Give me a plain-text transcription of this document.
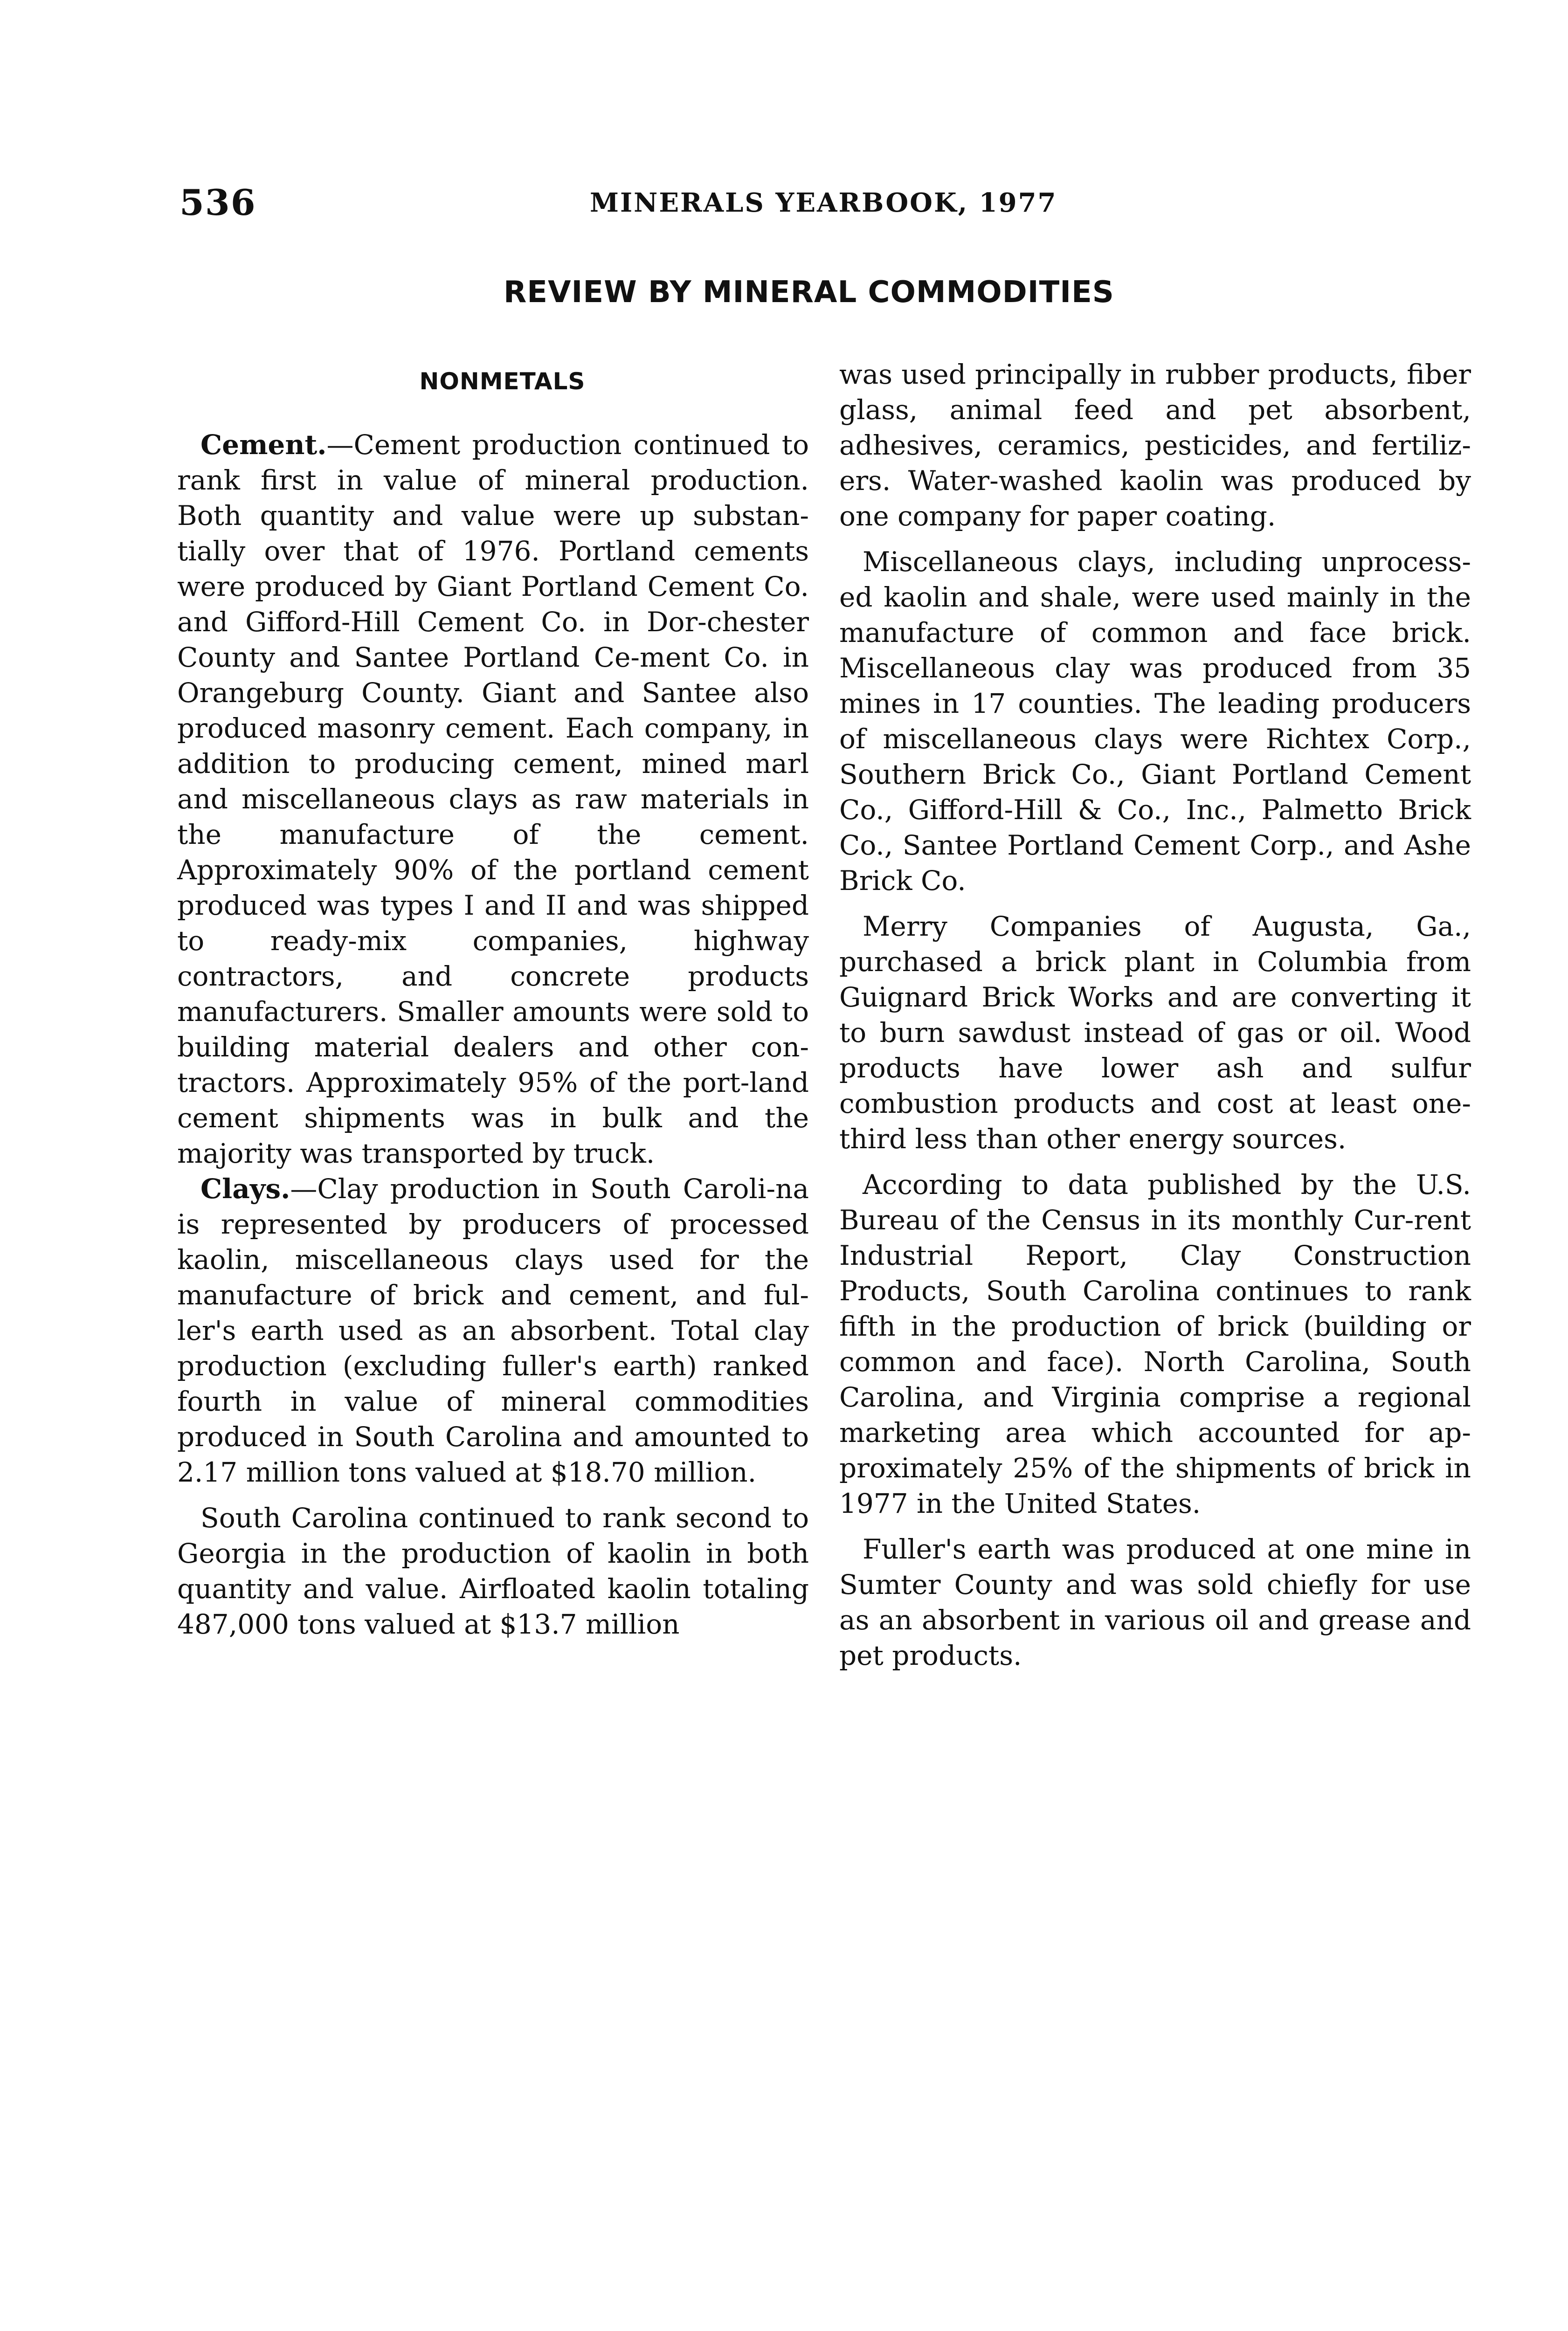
536	MINERALS YEARBOOK, 1977
REVIEW BY MINERAL COMMODITIES
NONMETALS

Cement.—Cement production continued to rank first in value of mineral production. Both quantity and value were up substan-tially over that of 1976. Portland cements were produced by Giant Portland Cement Co. and Gifford-Hill Cement Co. in Dor-chester County and Santee Portland Ce-ment Co. in Orangeburg County. Giant and Santee also produced masonry cement. Each company, in addition to producing cement, mined marl and miscellaneous clays as raw materials in the manufacture of the cement. Approximately 90% of the portland cement produced was types I and II and was shipped to ready-mix companies, highway contractors, and concrete products manufacturers. Smaller amounts were sold to building material dealers and other con-tractors. Approximately 95% of the port-land cement shipments was in bulk and the majority was transported by truck.

Clays.—Clay production in South Caroli-na is represented by producers of processed kaolin, miscellaneous clays used for the manufacture of brick and cement, and ful-ler's earth used as an absorbent. Total clay production (excluding fuller's earth) ranked fourth in value of mineral commodities produced in South Carolina and amounted to 2.17 million tons valued at $18.70 million.

South Carolina continued to rank second to Georgia in the production of kaolin in both quantity and value. Airfloated kaolin totaling 487,000 tons valued at $13.7 million

was used principally in rubber products, fiber glass, animal feed and pet absorbent, adhesives, ceramics, pesticides, and fertiliz-ers. Water-washed kaolin was produced by one company for paper coating.

Miscellaneous clays, including unprocess-ed kaolin and shale, were used mainly in the manufacture of common and face brick. Miscellaneous clay was produced from 35 mines in 17 counties. The leading producers of miscellaneous clays were Richtex Corp., Southern Brick Co., Giant Portland Cement Co., Gifford-Hill & Co., Inc., Palmetto Brick Co., Santee Portland Cement Corp., and Ashe Brick Co.

Merry Companies of Augusta, Ga., purchased a brick plant in Columbia from Guignard Brick Works and are converting it to burn sawdust instead of gas or oil. Wood products have lower ash and sulfur combustion products and cost at least one-third less than other energy sources.

According to data published by the U.S. Bureau of the Census in its monthly Cur-rent Industrial Report, Clay Construction Products, South Carolina continues to rank fifth in the production of brick (building or common and face). North Carolina, South Carolina, and Virginia comprise a regional marketing area which accounted for ap-proximately 25% of the shipments of brick in 1977 in the United States.

Fuller's earth was produced at one mine in Sumter County and was sold chiefly for use as an absorbent in various oil and grease and pet products.
